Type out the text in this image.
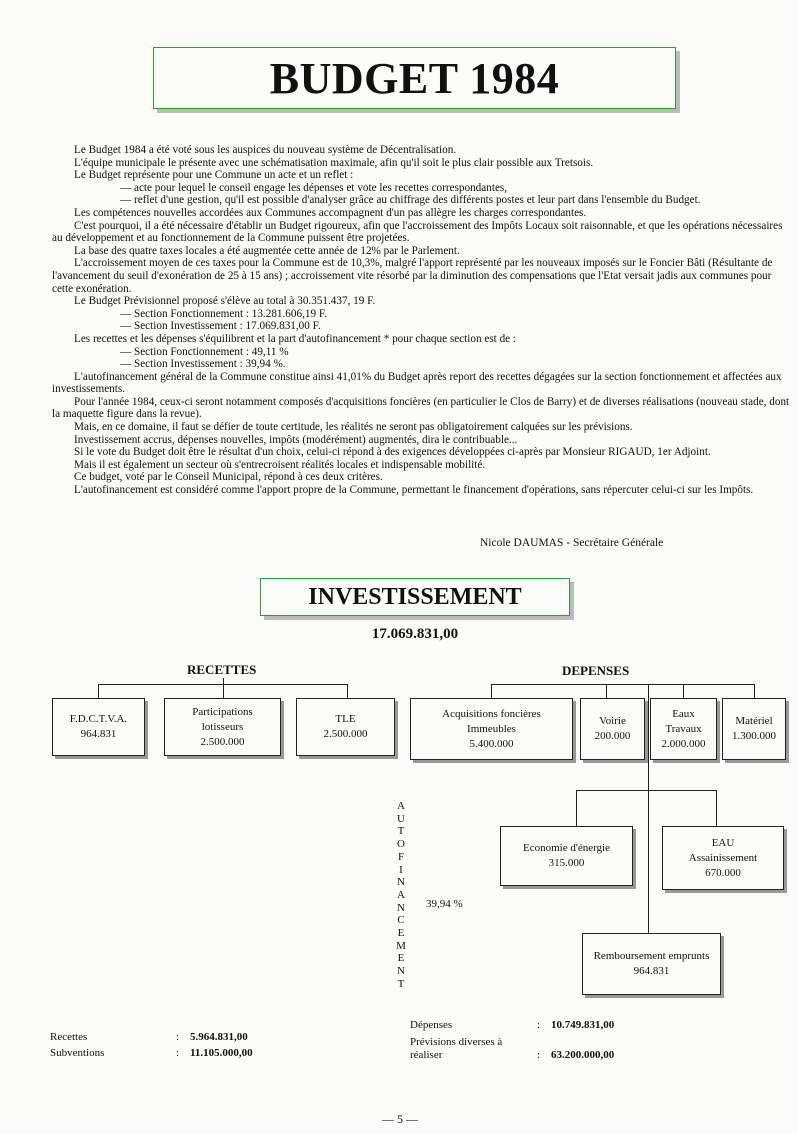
BUDGET 1984

Le Budget 1984 a été voté sous les auspices du nouveau système de Décentralisation.

L'équipe municipale le présente avec une schématisation maximale, afin qu'il soit le plus clair possible aux Tretsois.

Le Budget représente pour une Commune un acte et un reflet :

— acte pour lequel le conseil engage les dépenses et vote les recettes correspondantes,

— reflet d'une gestion, qu'il est possible d'analyser grâce au chiffrage des différents postes et leur part dans l'ensemble du Budget.

Les compétences nouvelles accordées aux Communes accompagnent d'un pas allègre les charges correspondantes.

C'est pourquoi, il a été nécessaire d'établir un Budget rigoureux, afin que l'accroissement des Impôts Locaux soit raisonnable, et que les opérations nécessaires au développement et au fonctionnement de la Commune puissent être projetées.

La base des quatre taxes locales a été augmentée cette année de 12% par le Parlement.

L'accroissement moyen de ces taxes pour la Commune est de 10,3%, malgré l'apport représenté par les nouveaux imposés sur le Foncier Bâti (Résultante de l'avancement du seuil d'exonération de 25 à 15 ans) ; accroissement vite résorbé par la diminution des compensations que l'Etat versait jadis aux communes pour cette exonération.

Le Budget Prévisionnel proposé s'élève au total à 30.351.437, 19 F.

— Section Fonctionnement : 13.281.606,19 F.

— Section Investissement : 17.069.831,00 F.

Les recettes et les dépenses s'équilibrent et la part d'autofinancement * pour chaque section est de :

— Section Fonctionnement : 49,11 %

— Section Investissement : 39,94 %.

L'autofinancement général de la Commune constitue ainsi 41,01% du Budget après report des recettes dégagées sur la section fonctionnement et affectées aux investissements.

Pour l'année 1984, ceux-ci seront notamment composés d'acquisitions foncières (en particulier le Clos de Barry) et de diverses réalisations (nouveau stade, dont la maquette figure dans la revue).

Mais, en ce domaine, il faut se défier de toute certitude, les réalités ne seront pas obligatoirement calquées sur les prévisions.

Investissement accrus, dépenses nouvelles, impôts (modérément) augmentés, dira le contribuable...

Si le vote du Budget doit être le résultat d'un choix, celui-ci répond à des exigences développées ci-après par Monsieur RIGAUD, 1er Adjoint.

Mais il est également un secteur où s'entrecroisent réalités locales et indispensable mobilité.

Ce budget, voté par le Conseil Municipal, répond à ces deux critères.

L'autofinancement est considéré comme l'apport propre de la Commune, permettant le financement d'opérations, sans répercuter celui-ci sur les Impôts.

Nicole DAUMAS - Secrétaire Générale
INVESTISSEMENT
17.069.831,00
RECETTES	DEPENSES
F.D.C.T.V.A.
964.831
Participations
lotisseurs
2.500.000
TLE
2.500.000
Acquisitions foncières
Immeubles
5.400.000
Voirie
200.000
Eaux
Travaux
2.000.000
Matériel
1.300.000
A
U
T
O
F
I
N
A
N
C
E
M
E
N
T
39,94 %
Economie d'énergie
315.000
EAU
Assainissement
670.000
Remboursement emprunts
964.831
Recettes	: 5.964.831,00
Subventions	: 11.105.000,00
Dépenses	: 10.749.831,00
Prévisions diverses à
réaliser	: 63.200.000,00
— 5 —
